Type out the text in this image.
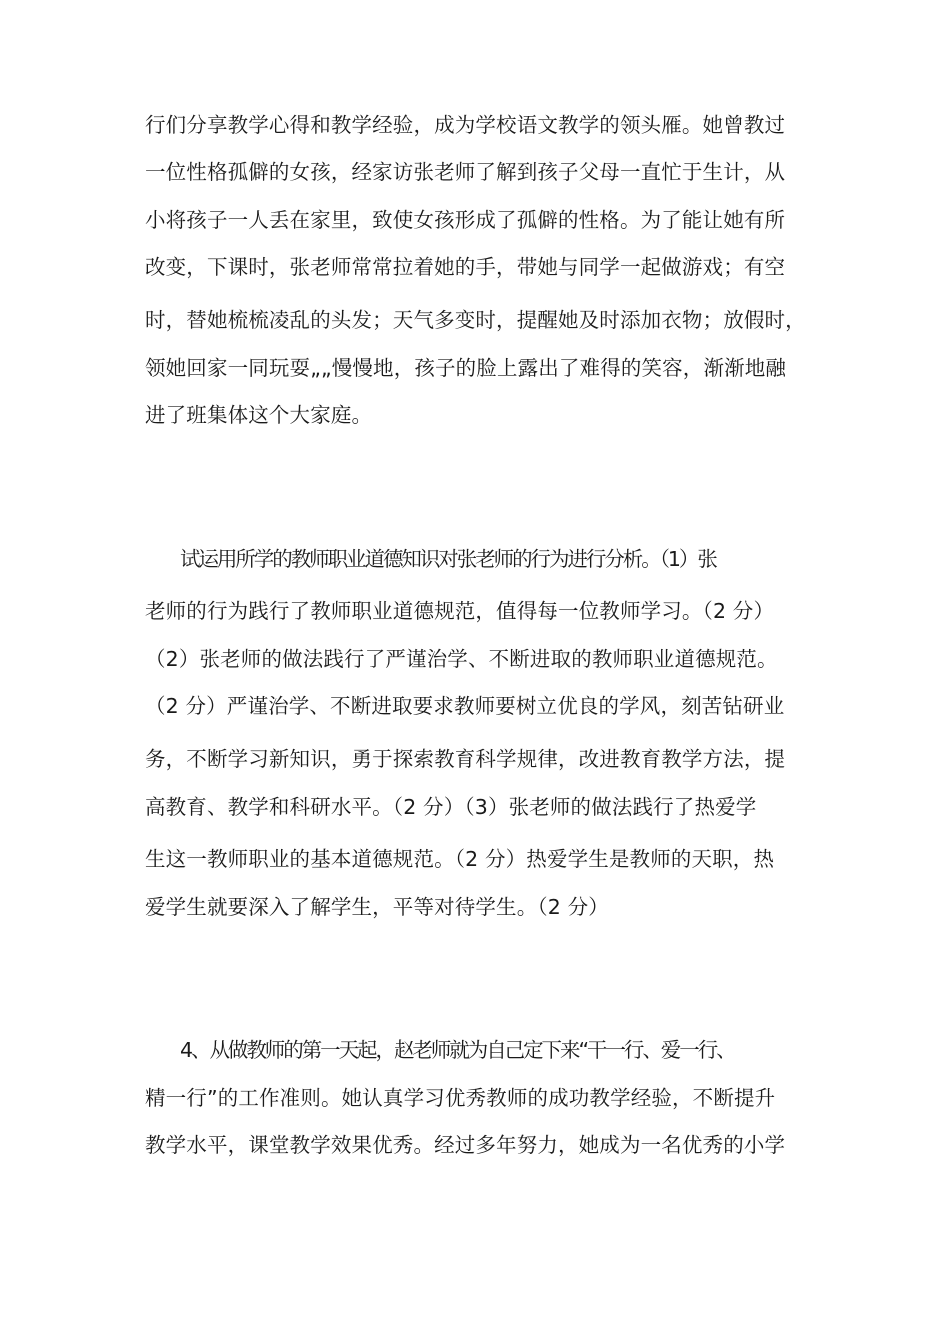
行们分享教学心得和教学经验，成为学校语文教学的领头雁。她曾教过
一位性格孤僻的女孩，经家访张老师了解到孩子父母一直忙于生计，从
小将孩子一人丢在家里，致使女孩形成了孤僻的性格。为了能让她有所
改变，下课时，张老师常常拉着她的手，带她与同学一起做游戏；有空
时，替她梳梳凌乱的头发；天气多变时，提醒她及时添加衣物；放假时，
领她回家一同玩耍„„慢慢地，孩子的脸上露出了难得的笑容，渐渐地融
进了班集体这个大家庭。
试运用所学的教师职业道德知识对张老师的行为进行分析。（1）张
老师的行为践行了教师职业道德规范，值得每一位教师学习。（2 分）
（2）张老师的做法践行了严谨治学、不断进取的教师职业道德规范。
（2 分）严谨治学、不断进取要求教师要树立优良的学风，刻苦钻研业
务，不断学习新知识，勇于探索教育科学规律，改进教育教学方法，提
高教育、教学和科研水平。（2 分）（3）张老师的做法践行了热爱学
生这一教师职业的基本道德规范。（2 分）热爱学生是教师的天职，热
爱学生就要深入了解学生，平等对待学生。（2 分）
4、从做教师的第一天起，赵老师就为自己定下来“干一行、爱一行、
精一行”的工作准则。她认真学习优秀教师的成功教学经验，不断提升
教学水平，课堂教学效果优秀。经过多年努力，她成为一名优秀的小学
